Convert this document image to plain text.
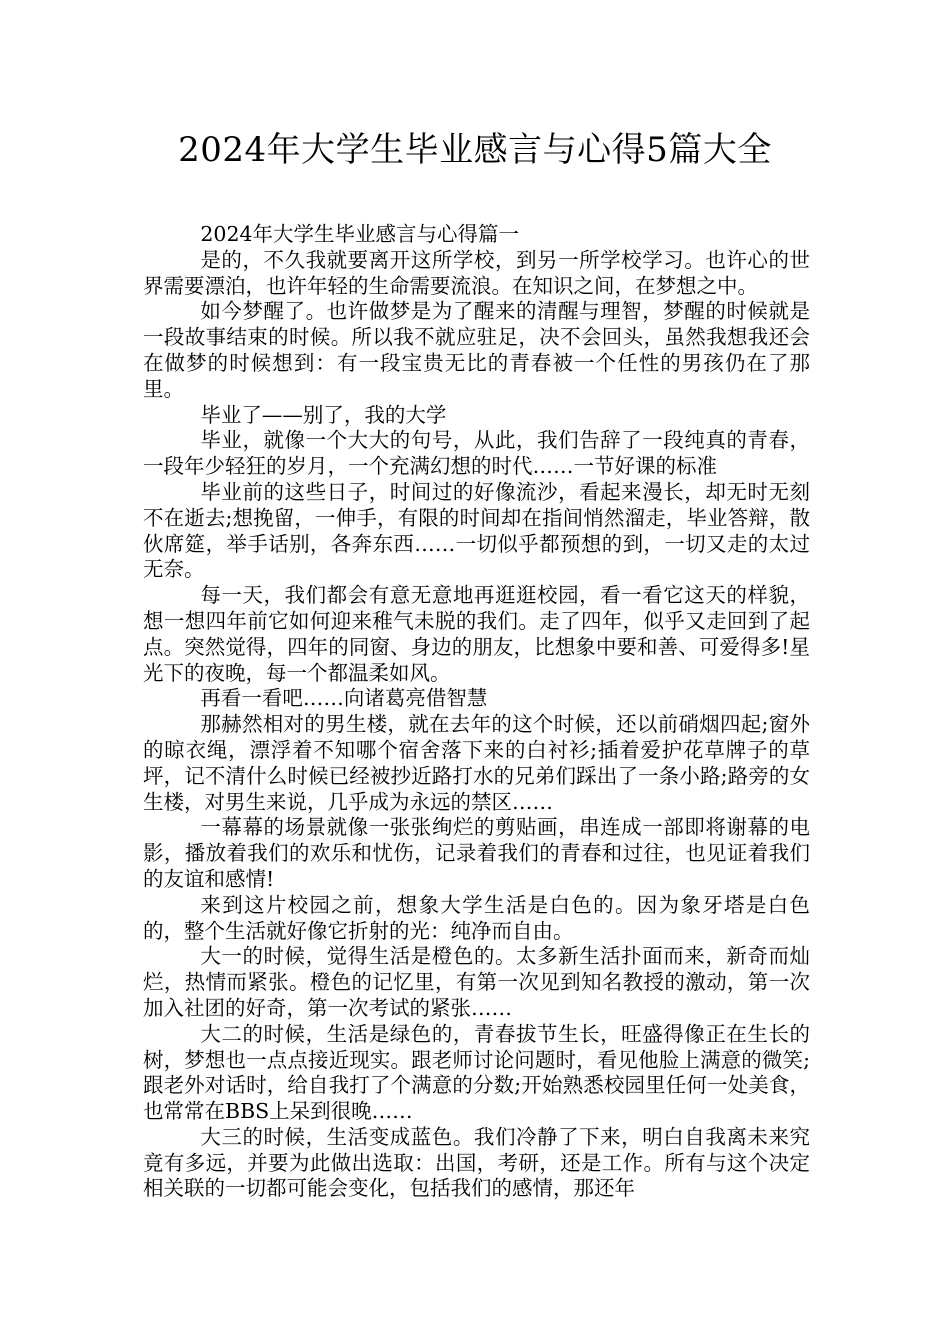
2024年大学生毕业感言与心得5篇大全

2024年大学生毕业感言与心得篇一

是的，不久我就要离开这所学校，到另一所学校学习。也许心的世界需要漂泊，也许年轻的生命需要流浪。在知识之间，在梦想之中。

如今梦醒了。也许做梦是为了醒来的清醒与理智，梦醒的时候就是一段故事结束的时候。所以我不就应驻足，决不会回头，虽然我想我还会在做梦的时候想到：有一段宝贵无比的青春被一个任性的男孩仍在了那里。

毕业了——别了，我的大学

毕业，就像一个大大的句号，从此，我们告辞了一段纯真的青春，一段年少轻狂的岁月，一个充满幻想的时代……一节好课的标准

毕业前的这些日子，时间过的好像流沙，看起来漫长，却无时无刻不在逝去;想挽留，一伸手，有限的时间却在指间悄然溜走，毕业答辩，散伙席筵，举手话别，各奔东西……一切似乎都预想的到，一切又走的太过无奈。

每一天，我们都会有意无意地再逛逛校园，看一看它这天的样貌，想一想四年前它如何迎来稚气未脱的我们。走了四年，似乎又走回到了起点。突然觉得，四年的同窗、身边的朋友，比想象中要和善、可爱得多!星光下的夜晚，每一个都温柔如风。

再看一看吧……向诸葛亮借智慧

那赫然相对的男生楼，就在去年的这个时候，还以前硝烟四起;窗外的晾衣绳，漂浮着不知哪个宿舍落下来的白衬衫;插着爱护花草牌子的草坪，记不清什么时候已经被抄近路打水的兄弟们踩出了一条小路;路旁的女生楼，对男生来说，几乎成为永远的禁区……

一幕幕的场景就像一张张绚烂的剪贴画，串连成一部即将谢幕的电影，播放着我们的欢乐和忧伤，记录着我们的青春和过往，也见证着我们的友谊和感情!

来到这片校园之前，想象大学生活是白色的。因为象牙塔是白色的，整个生活就好像它折射的光：纯净而自由。

大一的时候，觉得生活是橙色的。太多新生活扑面而来，新奇而灿烂，热情而紧张。橙色的记忆里，有第一次见到知名教授的激动，第一次加入社团的好奇，第一次考试的紧张……

大二的时候，生活是绿色的，青春拔节生长，旺盛得像正在生长的树，梦想也一点点接近现实。跟老师讨论问题时，看见他脸上满意的微笑;跟老外对话时，给自我打了个满意的分数;开始熟悉校园里任何一处美食，也常常在BBS上呆到很晚……

大三的时候，生活变成蓝色。我们冷静了下来，明白自我离未来究竟有多远，并要为此做出选取：出国，考研，还是工作。所有与这个决定相关联的一切都可能会变化，包括我们的感情，那还年
